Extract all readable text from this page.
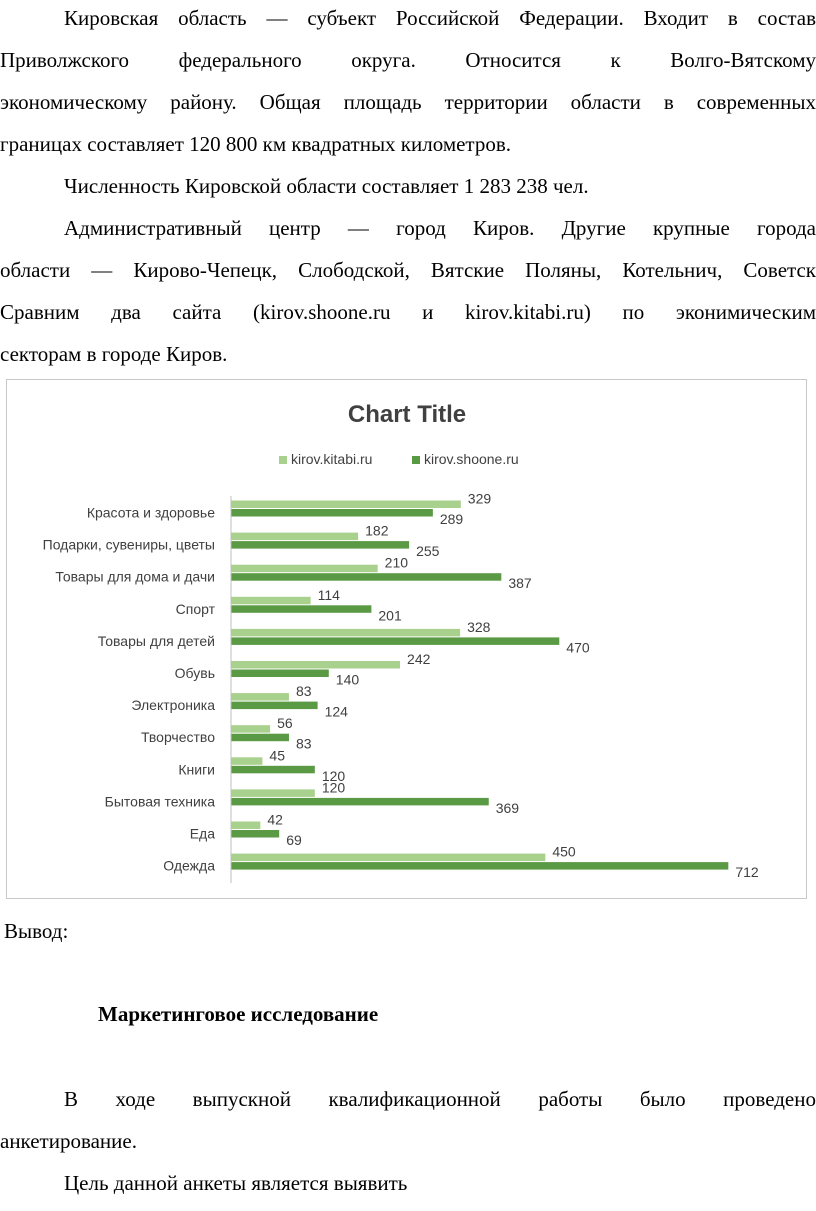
Кировская область — субъект Российской Федерации. Входит в состав
Приволжского федерального округа. Относится к Волго-Вятскому
экономическому району. Общая площадь территории области в современных
границах составляет 120 800 км квадратных километров.
Численность Кировской области составляет 1 283 238 чел.
Административный центр — город Киров. Другие крупные города
области — Кирово-Чепецк, Слободской, Вятские Поляны, Котельнич, Советск
Сравним два сайта (kirov.shoone.ru и kirov.kitabi.ru) по эконимическим
секторам в городе Киров.
Chart Title
kirov.kitabi.ru	kirov.shoone.ru
Красота и здоровье
Подарки, сувениры, цветы
Товары для дома и дачи
Спорт
Товары для детей
Обувь
Электроника
Творчество
Книги
Бытовая техника
Еда
Одежда
329
289
182
255
210
387
114
201
328
470
242
140
83
124
56
83
45
120
120
369
42
69
450
712
Вывод:
Маркетинговое исследование
В ходе выпускной квалификационной работы было проведено
анкетирование.
Цель данной анкеты является выявить
